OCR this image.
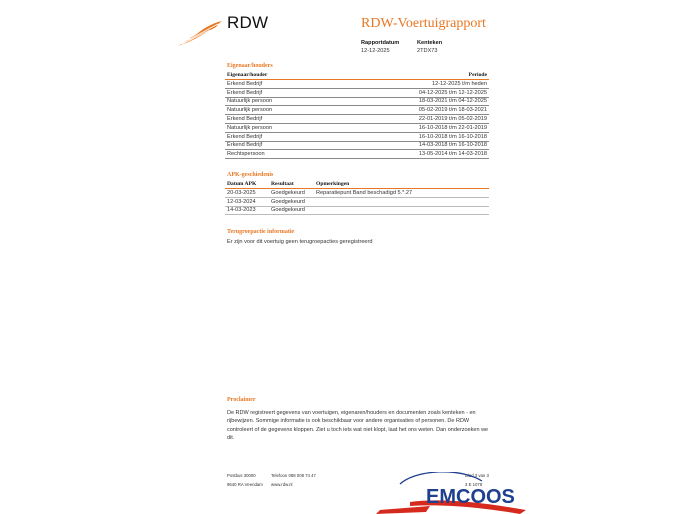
RDW	RDW-Voertuigrapport
Rapportdatum
12-12-2025
Kenteken
2TDX73
Eigenaar/houders
Eigenaar/houder	Periode
Erkend Bedrijf	12-12-2025 t/m heden
Erkend Bedrijf	04-12-2025 t/m 12-12-2025
Natuurlijk persoon	18-03-2021 t/m 04-12-2025
Natuurlijk persoon	05-02-2019 t/m 18-03-2021
Erkend Bedrijf	22-01-2019 t/m 05-02-2019
Natuurlijk persoon	16-10-2018 t/m 22-01-2019
Erkend Bedrijf	16-10-2018 t/m 16-10-2018
Erkend Bedrijf	14-03-2018 t/m 16-10-2018
Rechtspersoon	13-05-2014 t/m 14-03-2018
APK-geschiedenis
Datum APK	Resultaat	Opmerkingen
20-03-2025	Goedgekeurd	Reparatiepunt Band beschadigd 5.*.27
12-03-2024	Goedgekeurd	
14-03-2023	Goedgekeurd	
Terugroepactie informatie
Er zijn voor dit voertuig geen terugroepacties geregistreerd
Proclaimer
De RDW registreert gegevens van voertuigen, eigenaren/houders en documenten zoals kenteken - en rijbewijzen. Sommige informatie is ook beschikbaar voor andere organisaties of personen. De RDW controleert of de gegevens kloppen. Ziet u toch iets wat niet klopt, laat het ons weten. Dan onderzoeken we dit.
Postbus 30000
9640 RA Veendam
Telefoon 088 008 74 47
www.rdw.nl
Blad 3 van 3
3 E 1078
EMCOOS
